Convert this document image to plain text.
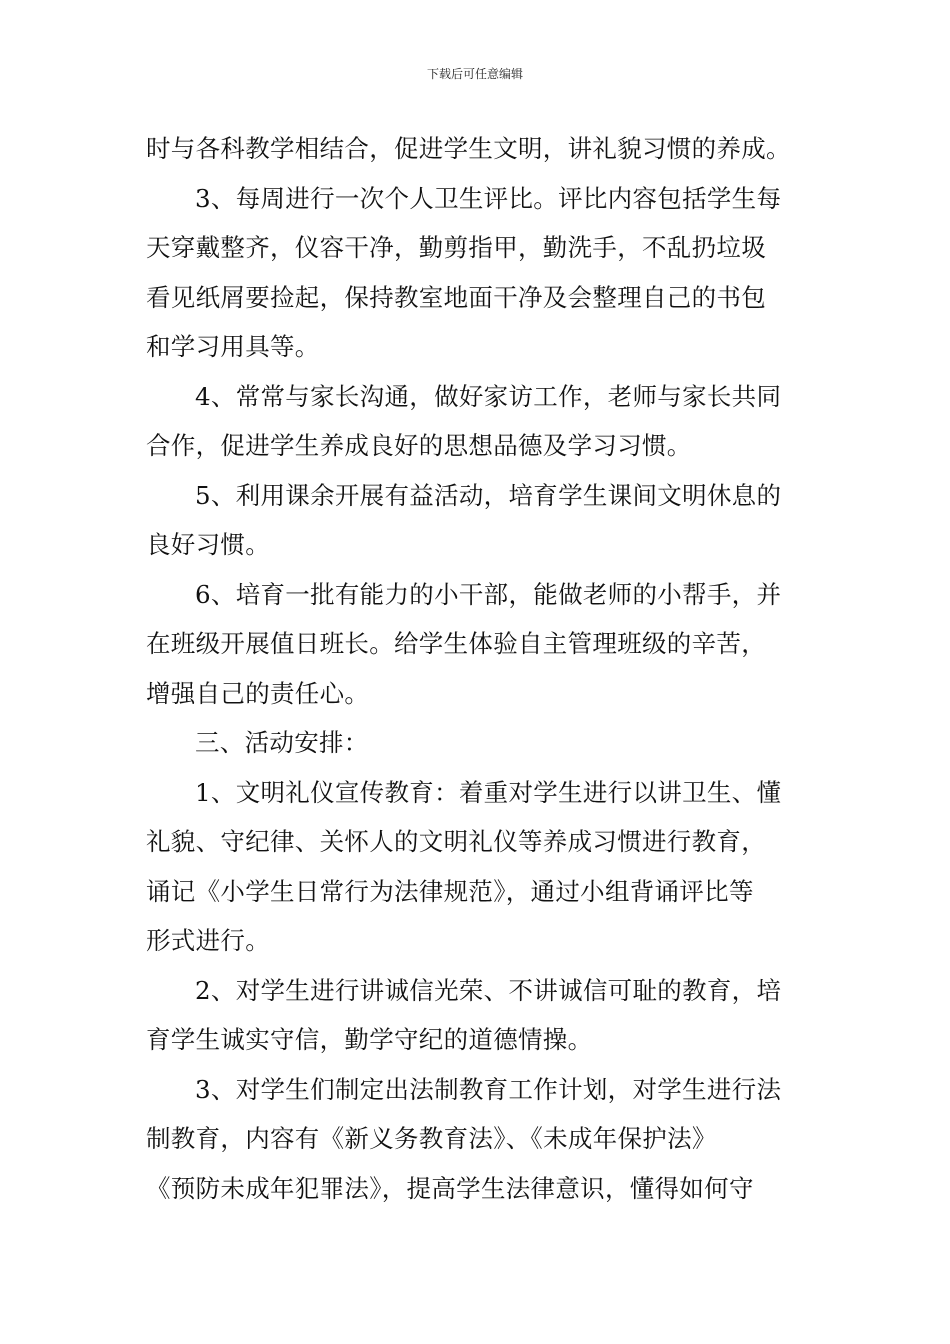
下载后可任意编辑
时与各科教学相结合，促进学生文明，讲礼貌习惯的养成。
3、每周进行一次个人卫生评比。评比内容包括学生每
天穿戴整齐，仪容干净，勤剪指甲，勤洗手，不乱扔垃圾
看见纸屑要捡起，保持教室地面干净及会整理自己的书包
和学习用具等。
4、常常与家长沟通，做好家访工作，老师与家长共同
合作，促进学生养成良好的思想品德及学习习惯。
5、利用课余开展有益活动，培育学生课间文明休息的
良好习惯。
6、培育一批有能力的小干部，能做老师的小帮手，并
在班级开展值日班长。给学生体验自主管理班级的辛苦，
增强自己的责任心。
三、活动安排：
1、文明礼仪宣传教育：着重对学生进行以讲卫生、懂
礼貌、守纪律、关怀人的文明礼仪等养成习惯进行教育，
诵记《小学生日常行为法律规范》，通过小组背诵评比等
形式进行。
2、对学生进行讲诚信光荣、不讲诚信可耻的教育，培
育学生诚实守信，勤学守纪的道德情操。
3、对学生们制定出法制教育工作计划，对学生进行法
制教育，内容有《新义务教育法》、《未成年保护法》
《预防未成年犯罪法》，提高学生法律意识，懂得如何守
